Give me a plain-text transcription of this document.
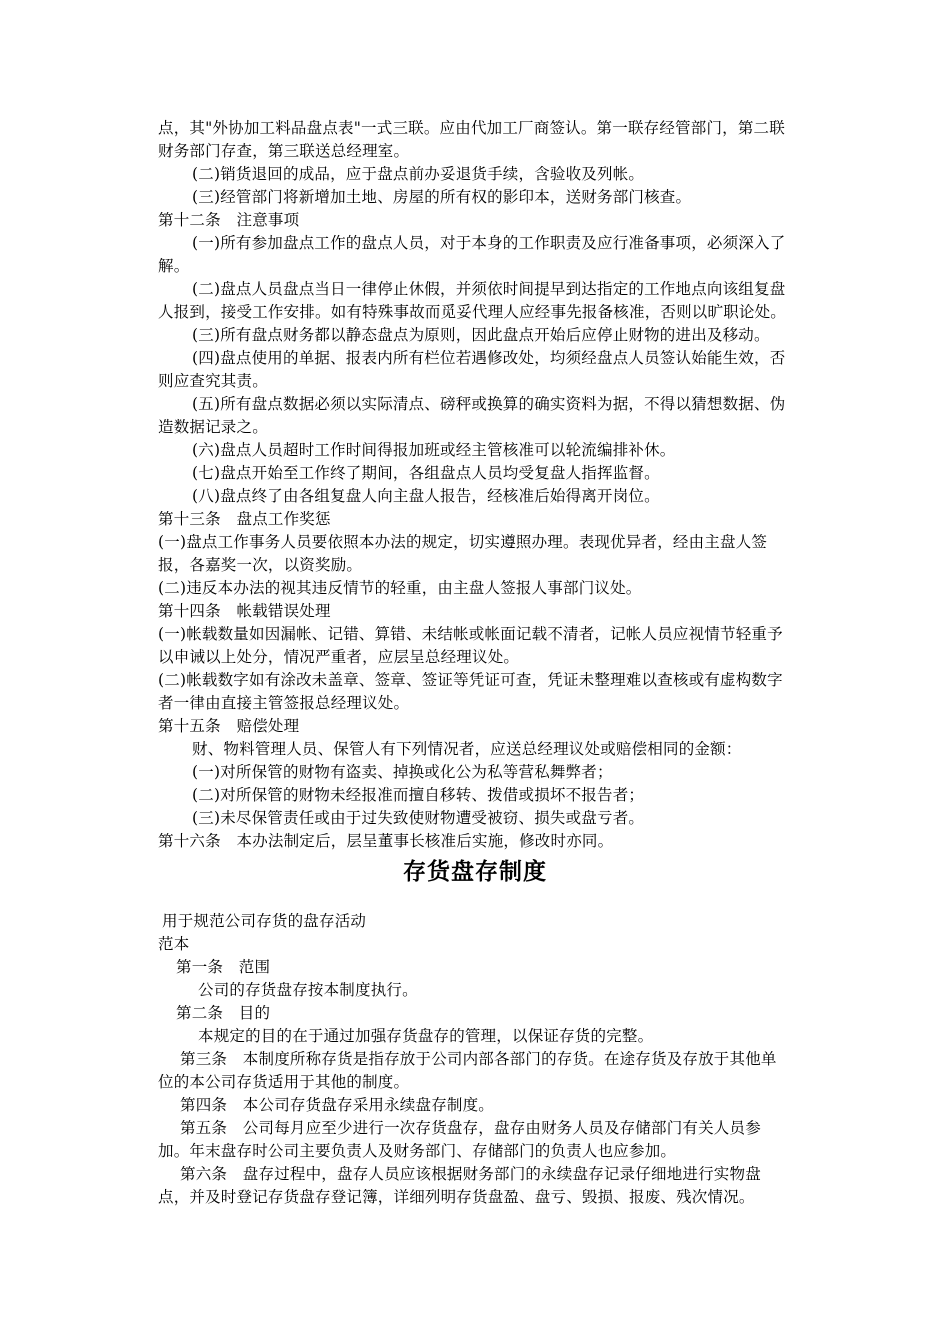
点，其"外协加工料品盘点表"一式三联。应由代加工厂商签认。第一联存经管部门，第二联财务部门存查，第三联送总经理室。

(二)销货退回的成品，应于盘点前办妥退货手续，含验收及列帐。

(三)经管部门将新增加土地、房屋的所有权的影印本，送财务部门核查。

第十二条　注意事项

(一)所有参加盘点工作的盘点人员，对于本身的工作职责及应行准备事项，必须深入了解。

(二)盘点人员盘点当日一律停止休假，并须依时间提早到达指定的工作地点向该组复盘人报到，接受工作安排。如有特殊事故而觅妥代理人应经事先报备核准，否则以旷职论处。

(三)所有盘点财务都以静态盘点为原则，因此盘点开始后应停止财物的进出及移动。

(四)盘点使用的单据、报表内所有栏位若遇修改处，均须经盘点人员签认始能生效，否则应查究其责。

(五)所有盘点数据必须以实际清点、磅秤或换算的确实资料为据，不得以猜想数据、伪造数据记录之。

(六)盘点人员超时工作时间得报加班或经主管核准可以轮流编排补休。

(七)盘点开始至工作终了期间，各组盘点人员均受复盘人指挥监督。

(八)盘点终了由各组复盘人向主盘人报告，经核准后始得离开岗位。

第十三条　盘点工作奖惩

(一)盘点工作事务人员要依照本办法的规定，切实遵照办理。表现优异者，经由主盘人签报，各嘉奖一次，以资奖励。

(二)违反本办法的视其违反情节的轻重，由主盘人签报人事部门议处。

第十四条　帐载错误处理

(一)帐载数量如因漏帐、记错、算错、未结帐或帐面记载不清者，记帐人员应视情节轻重予以申诫以上处分，情况严重者，应层呈总经理议处。

(二)帐载数字如有涂改未盖章、签章、签证等凭证可查，凭证未整理难以查核或有虚构数字者一律由直接主管签报总经理议处。

第十五条　赔偿处理

财、物料管理人员、保管人有下列情况者，应送总经理议处或赔偿相同的金额：

(一)对所保管的财物有盗卖、掉换或化公为私等营私舞弊者；

(二)对所保管的财物未经报准而擅自移转、拨借或损坏不报告者；

(三)未尽保管责任或由于过失致使财物遭受被窃、损失或盘亏者。

第十六条　本办法制定后，层呈董事长核准后实施，修改时亦同。

存货盘存制度

用于规范公司存货的盘存活动

范本

第一条　范围

公司的存货盘存按本制度执行。

第二条　目的

本规定的目的在于通过加强存货盘存的管理，以保证存货的完整。

第三条　本制度所称存货是指存放于公司内部各部门的存货。在途存货及存放于其他单位的本公司存货适用于其他的制度。

第四条　本公司存货盘存采用永续盘存制度。

第五条　公司每月应至少进行一次存货盘存，盘存由财务人员及存储部门有关人员参加。年末盘存时公司主要负责人及财务部门、存储部门的负责人也应参加。

第六条　盘存过程中，盘存人员应该根据财务部门的永续盘存记录仔细地进行实物盘点，并及时登记存货盘存登记簿，详细列明存货盘盈、盘亏、毁损、报废、残次情况。
